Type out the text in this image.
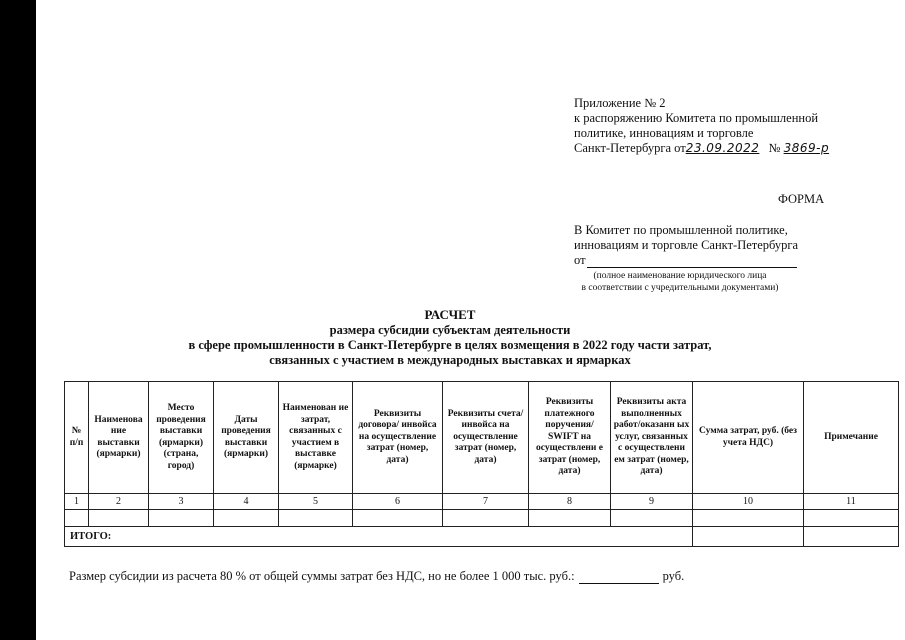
Приложение № 2
к распоряжению Комитета по промышленной
политике, инновациям и торговле
Санкт-Петербурга от23.09.2022 № 3869-р
ФОРМА
В Комитет по промышленной политике,
инновациям и торговле Санкт-Петербурга
от
(полное наименование юридического лица
в соответствии с учредительными документами)
РАСЧЕТ
размера субсидии субъектам деятельности
в сфере промышленности в Санкт-Петербурге в целях возмещения в 2022 году части затрат,
связанных с участием в международных выставках и ярмарках
№ п/п	Наименова ние выставки (ярмарки)	Место проведения выставки (ярмарки) (страна, город)	Даты проведения выставки (ярмарки)	Наименован ие затрат, связанных с участием в выставке (ярмарке)	Реквизиты договора/ инвойса на осуществление затрат (номер, дата)	Реквизиты счета/ инвойса на осуществление затрат (номер, дата)	Реквизиты платежного поручения/ SWIFT на осуществлени е затрат (номер, дата)	Реквизиты акта выполненных работ/оказанн ых услуг, связанных с осуществлени ем затрат (номер, дата)	Сумма затрат, руб. (без учета НДС)	Примечание
1	2	3	4	5	6	7	8	9	10	11

ИТОГО:										
Размер субсидии из расчета 80 % от общей суммы затрат без НДС, но не более 1 000 тыс. руб.:	руб.
